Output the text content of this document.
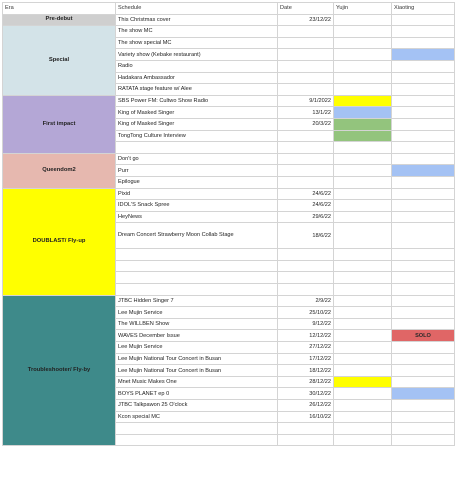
Era	Schedule	Date	Yujin	Xiaoting
Pre-debut	This Christmas cover	23/12/22		
Special	The show MC			
	The show special MC			
	Variety show (Kebake restaurant)			
	Radio			
	Hadakara Ambassador			
	RATATA stage feature w/ Alee			
First impact	SBS Power FM: Cultwo Show Radio	9/1/2022		
	King of Masked Singer	13/1/22		
	King of Masked Singer	20/3/22		
	TongTong Culture Interview			

Queendom2	Don't go			
	Purr			
	Epilogue			
DOUBLAST/ Fly-up	Pixid	24/6/22		
	IDOL'S Snack Spree	24/6/22		
	HeyNews	29/6/22		
	Dream Concert Strawberry Moon Collab Stage	18/6/22		

Troubleshooter/ Fly-by	JTBC Hidden Singer 7	2/9/22		
	Lee Mujin Service	25/10/22		
	The WILLBEN Show	9/12/22		
	WAVES December Issue	12/12/22		SOLO
	Lee Mujin Service	27/12/22		
	Lee Mujin National Tour Concert in Busan	17/12/22		
	Lee Mujin National Tour Concert in Busan	18/12/22		
	Mnet Music Makes One	28/12/22		
	BOYS PLANET ep 0	30/12/22		
	JTBC Talkpawon 25 O'clock	26/12/22		
	Kcon special MC	16/10/22		
